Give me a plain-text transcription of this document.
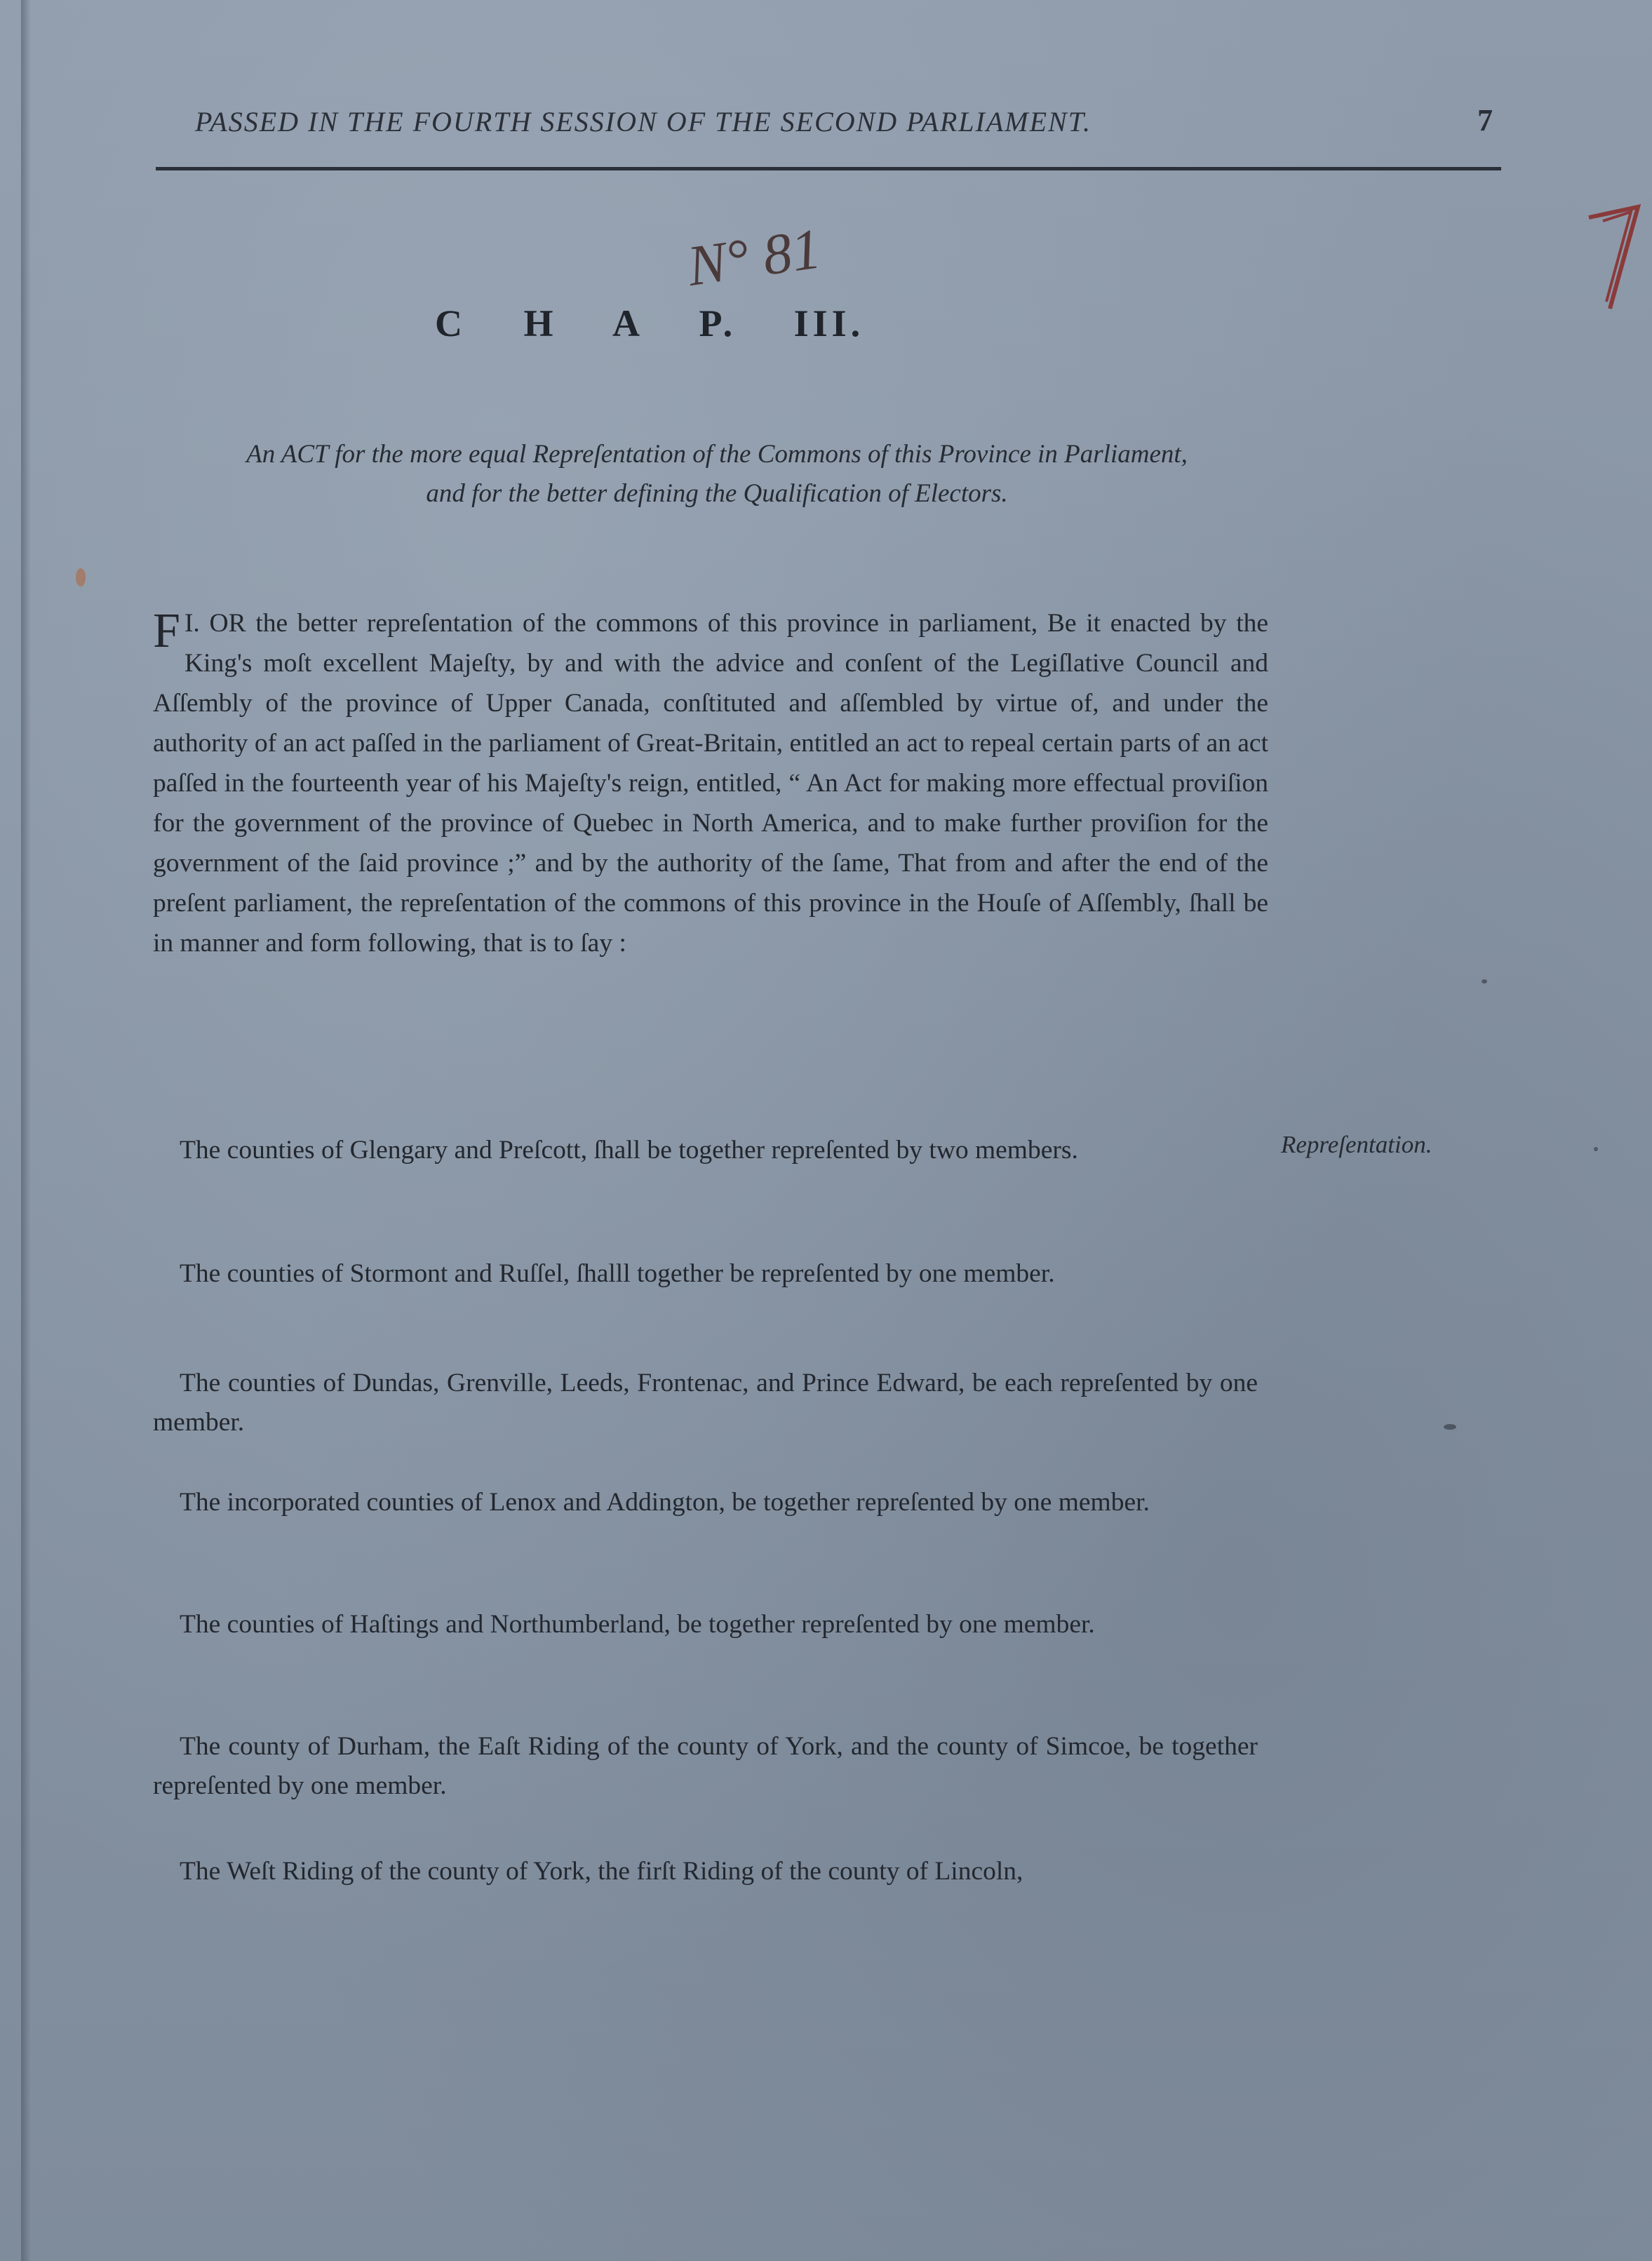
PASSED IN THE FOURTH SESSION OF THE SECOND PARLIAMENT.	7
N° 81
C H A P. III.
An ACT for the more equal Repreſentation of the Commons of this Province in Parliament,
and for the better defining the Qualification of Electors.
I.
F OR the better repreſentation of the commons of this province in parliament, Be it enacted by the King's moſt excellent Majeſty, by and with the advice and conſent of the Legiſlative Council and Aſſembly of the province of Upper Canada, conſtituted and aſſembled by virtue of, and under the authority of an act paſſed in the parliament of Great-Britain, entitled an act to repeal certain parts of an act paſſed in the fourteenth year of his Majeſty's reign, entitled, “ An Act for making more effectual proviſion for the government of the province of Quebec in North America, and to make further proviſion for the government of the ſaid province ;” and by the authority of the ſame, That from and after the end of the preſent parliament, the repreſentation of the commons of this province in the Houſe of Aſſembly, ſhall be in manner and form following, that is to ſay :
Repreſentation.
The counties of Glengary and Preſcott, ſhall be together repreſented by two members.
The counties of Stormont and Ruſſel, ſhalll together be repreſented by one member.
The counties of Dundas, Grenville, Leeds, Frontenac, and Prince Edward, be each repreſented by one member.
The incorporated counties of Lenox and Addington, be together repreſented by one member.
The counties of Haſtings and Northumberland, be together repreſented by one member.
The county of Durham, the Eaſt Riding of the county of York, and the county of Simcoe, be together repreſented by one member.
The Weſt Riding of the county of York, the firſt Riding of the county of Lincoln,
